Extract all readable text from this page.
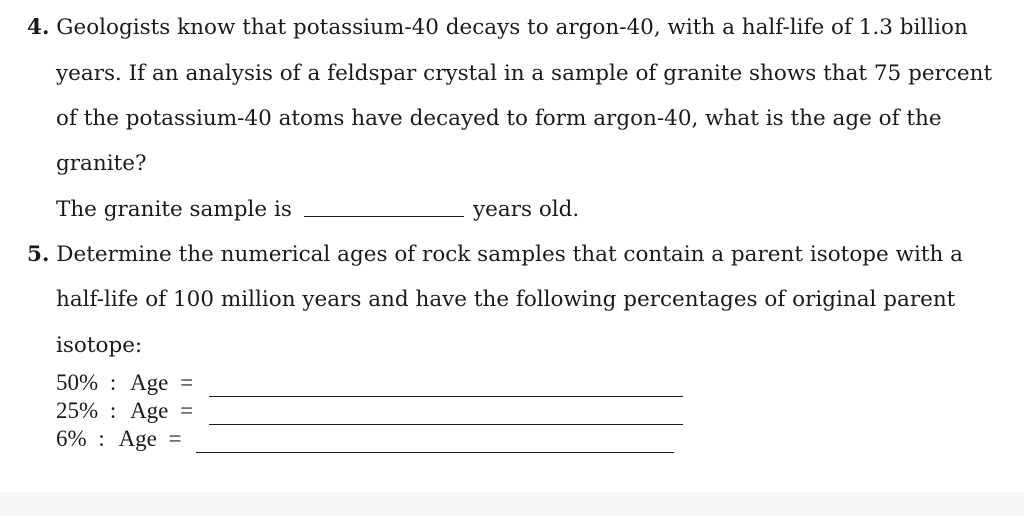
4. Geologists know that potassium-40 decays to argon-40, with a half-life of 1.3 billion
years. If an analysis of a feldspar crystal in a sample of granite shows that 75 percent
of the potassium-40 atoms have decayed to form argon-40, what is the age of the
granite?
The granite sample is	years old.
5. Determine the numerical ages of rock samples that contain a parent isotope with a
half-life of 100 million years and have the following percentages of original parent
isotope:
50% : Age =
25% : Age =
6% : Age =
